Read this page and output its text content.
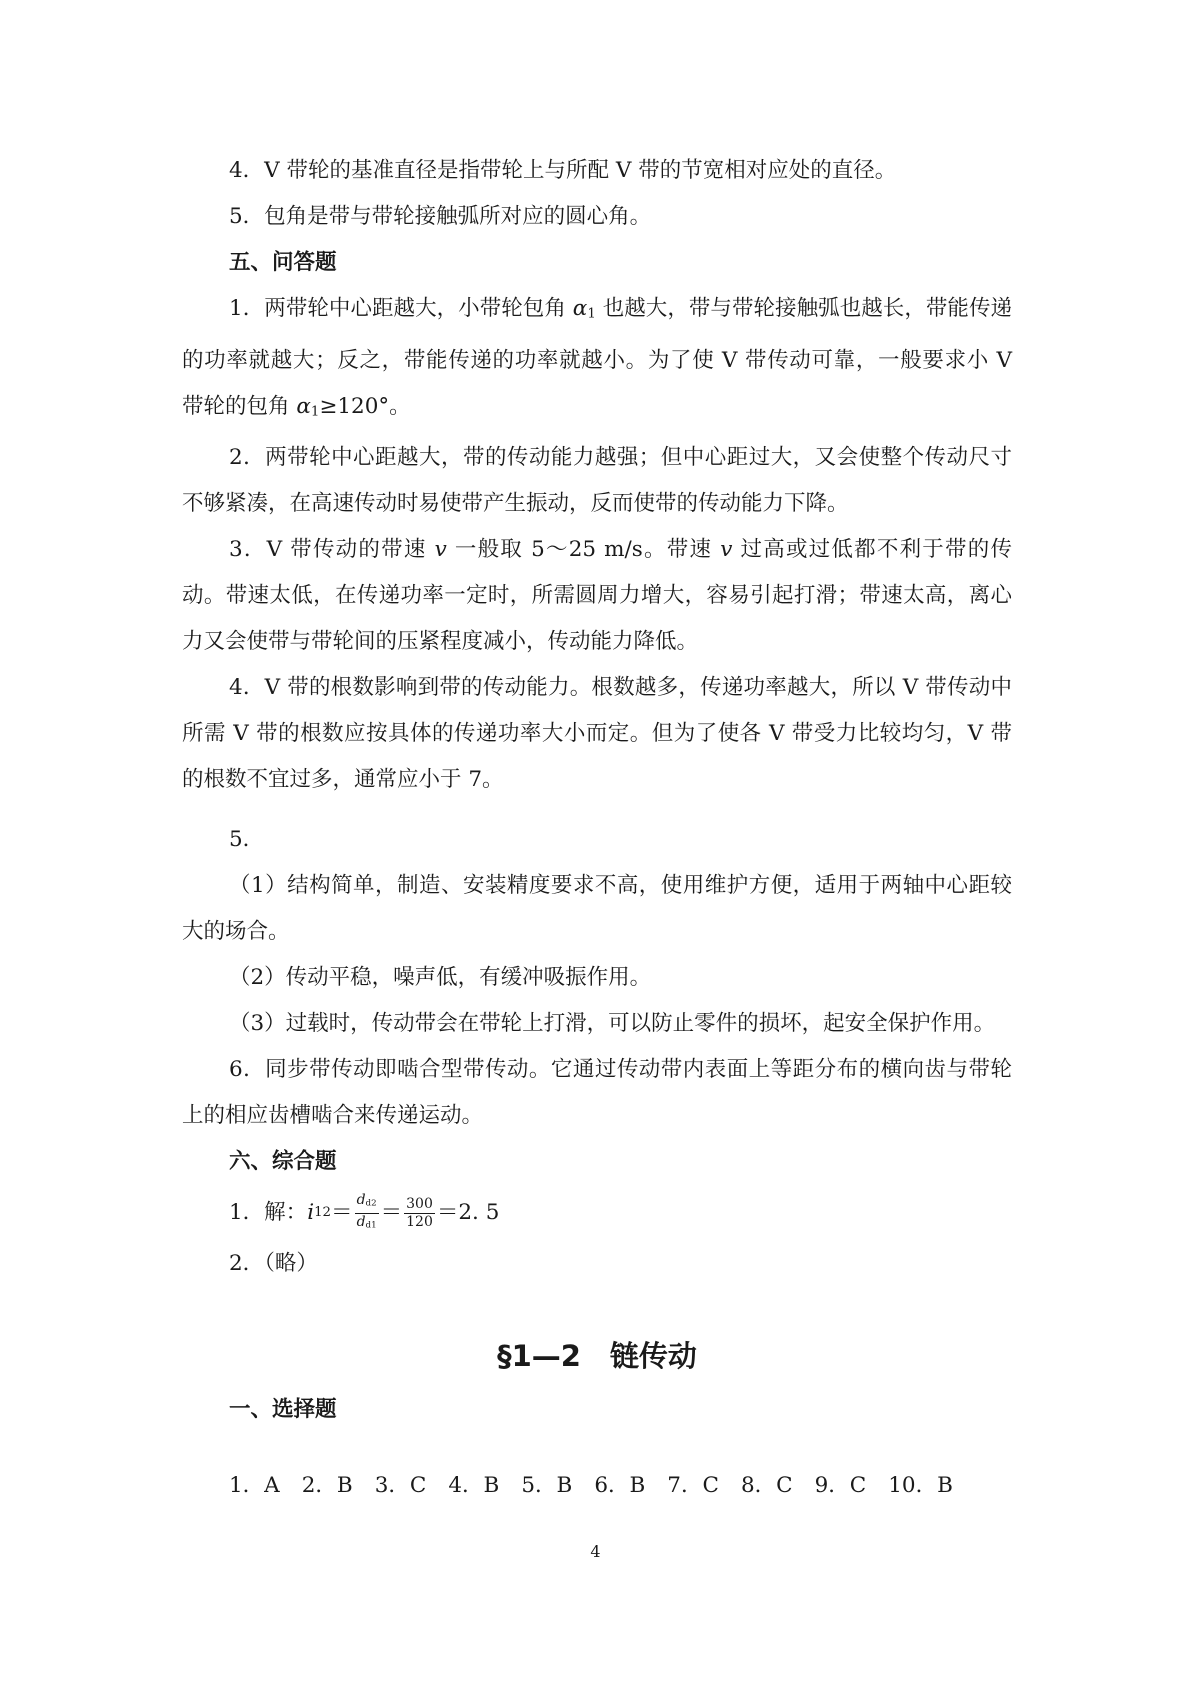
4．V 带轮的基准直径是指带轮上与所配 V 带的节宽相对应处的直径。

5．包角是带与带轮接触弧所对应的圆心角。

五、问答题

1．两带轮中心距越大，小带轮包角 α1 也越大，带与带轮接触弧也越长，带能传递的功率就越大；反之，带能传递的功率就越小。为了使 V 带传动可靠，一般要求小 V 带轮的包角 α1≥120°。

2．两带轮中心距越大，带的传动能力越强；但中心距过大，又会使整个传动尺寸不够紧凑，在高速传动时易使带产生振动，反而使带的传动能力下降。

3．V 带传动的带速 v 一般取 5～25 m/s。带速 v 过高或过低都不利于带的传动。带速太低，在传递功率一定时，所需圆周力增大，容易引起打滑；带速太高，离心力又会使带与带轮间的压紧程度减小，传动能力降低。

4．V 带的根数影响到带的传动能力。根数越多，传递功率越大，所以 V 带传动中所需 V 带的根数应按具体的传递功率大小而定。但为了使各 V 带受力比较均匀，V 带的根数不宜过多，通常应小于 7。

5．

（1）结构简单，制造、安装精度要求不高，使用维护方便，适用于两轴中心距较大的场合。

（2）传动平稳，噪声低，有缓冲吸振作用。

（3）过载时，传动带会在带轮上打滑，可以防止零件的损坏，起安全保护作用。

6．同步带传动即啮合型带传动。它通过传动带内表面上等距分布的横向齿与带轮上的相应齿槽啮合来传递运动。

六、综合题

1．解： i $12 = \frac{d_{d2}}{d_{d1}} = \frac{300}{120} = 2$. 5

2．（略）

§1—2　链传动

一、选择题

1．A 2．B 3．C 4．B 5．B 6．B 7．C 8．C 9．C 10．B

4
